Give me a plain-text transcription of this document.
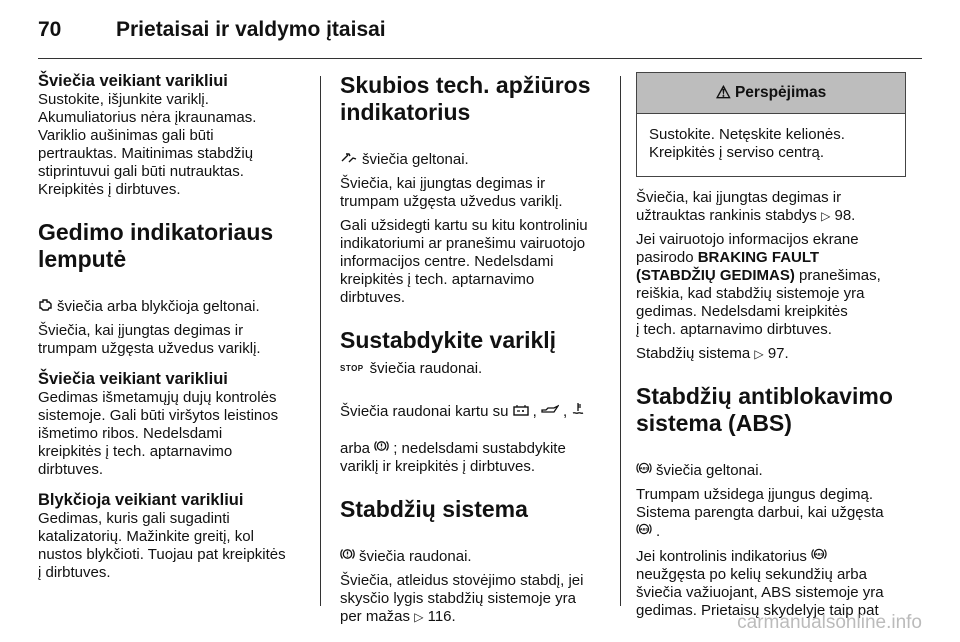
70	Prietaisai ir valdymo įtaisai
Šviečia veikiant varikliui

Sustokite, išjunkite variklį.
Akumuliatorius nėra įkraunamas.
Variklio aušinimas gali būti
pertrauktas. Maitinimas stabdžių
stiprintuvui gali būti nutrauktas.
Kreipkitės į dirbtuves.

Gedimo indikatoriaus
lemputė

šviečia arba blykčioja geltonai.

Šviečia, kai įjungtas degimas ir
trumpam užgęsta užvedus variklį.

Šviečia veikiant varikliui

Gedimas išmetamųjų dujų kontrolės
sistemoje. Gali būti viršytos leistinos
išmetimo ribos. Nedelsdami
kreipkitės į tech. aptarnavimo
dirbtuves.

Blykčioja veikiant varikliui

Gedimas, kuris gali sugadinti
katalizatorių. Mažinkite greitį, kol
nustos blykčioti. Tuojau pat kreipkitės
į dirbtuves.

Skubios tech. apžiūros
indikatorius

šviečia geltonai.

Šviečia, kai įjungtas degimas ir
trumpam užgęsta užvedus variklį.

Gali užsidegti kartu su kitu kontroliniu
indikatoriumi ar pranešimu vairuotojo
informacijos centre. Nedelsdami
kreipkitės į tech. aptarnavimo
dirbtuves.

Sustabdykite variklį

STOP šviečia raudonai.

Šviečia raudonai kartu su ,

,

arba ; nedelsdami sustabdykite
variklį ir kreipkitės į dirbtuves.

Stabdžių sistema

šviečia raudonai.

Šviečia, atleidus stovėjimo stabdį, jei
skysčio lygis stabdžių sistemoje yra
per mažas ▷ 116.

⚠ Perspėjimas

Sustokite. Netęskite kelionės.
Kreipkitės į serviso centrą.

Šviečia, kai įjungtas degimas ir
užtrauktas rankinis stabdys ▷ 98.

Jei vairuotojo informacijos ekrane
pasirodo BRAKING FAULT
(STABDŽIŲ GEDIMAS) pranešimas,
reiškia, kad stabdžių sistemoje yra
gedimas. Nedelsdami kreipkitės
į tech. aptarnavimo dirbtuves.

Stabdžių sistema ▷ 97.

Stabdžių antiblokavimo
sistema (ABS)

ABS šviečia geltonai.

Trumpam užsidega įjungus degimą.
Sistema parengta darbui, kai užgęsta

ABS .

Jei kontrolinis indikatorius ABS

neužgęsta po kelių sekundžių arba
šviečia važiuojant, ABS sistemoje yra
gedimas. Prietaisų skydelyje taip pat

carmanualsonline.info
